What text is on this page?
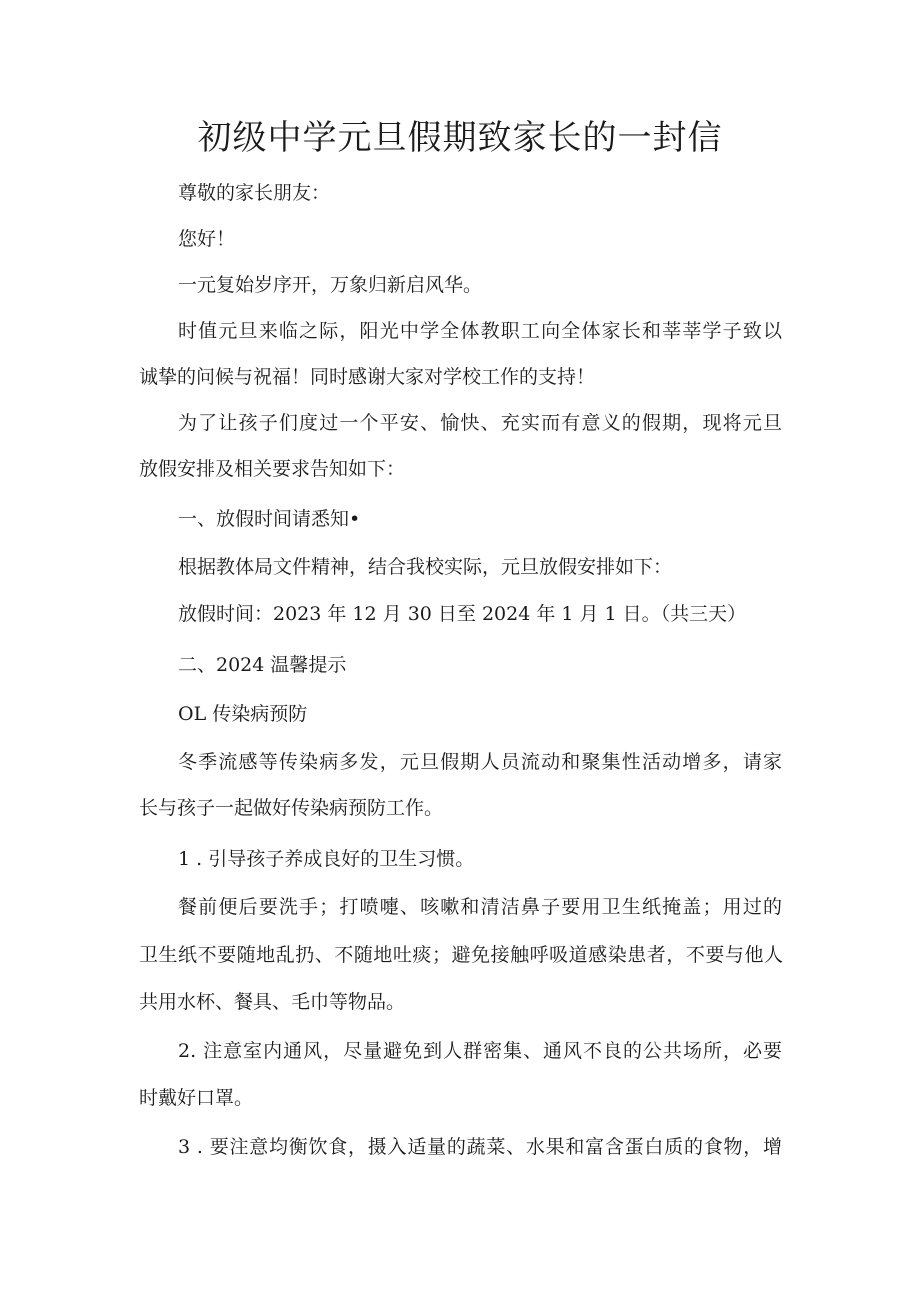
初级中学元旦假期致家长的一封信
尊敬的家长朋友：
您好！
一元复始岁序开，万象归新启风华。
时值元旦来临之际，阳光中学全体教职工向全体家长和莘莘学子致以
诚挚的问候与祝福！同时感谢大家对学校工作的支持！
为了让孩子们度过一个平安、愉快、充实而有意义的假期，现将元旦
放假安排及相关要求告知如下：
一、放假时间请悉知•
根据教体局文件精神，结合我校实际，元旦放假安排如下：
放假时间：2023 年 12 月 30 日至 2024 年 1 月 1 日。（共三天）
二、2024 温馨提示
OL 传染病预防
冬季流感等传染病多发，元旦假期人员流动和聚集性活动增多，请家
长与孩子一起做好传染病预防工作。
1 . 引导孩子养成良好的卫生习惯。
餐前便后要洗手；打喷嚏、咳嗽和清洁鼻子要用卫生纸掩盖；用过的
卫生纸不要随地乱扔、不随地吐痰；避免接触呼吸道感染患者，不要与他人
共用水杯、餐具、毛巾等物品。
2. 注意室内通风，尽量避免到人群密集、通风不良的公共场所，必要
时戴好口罩。
3 . 要注意均衡饮食，摄入适量的蔬菜、水果和富含蛋白质的食物，增
